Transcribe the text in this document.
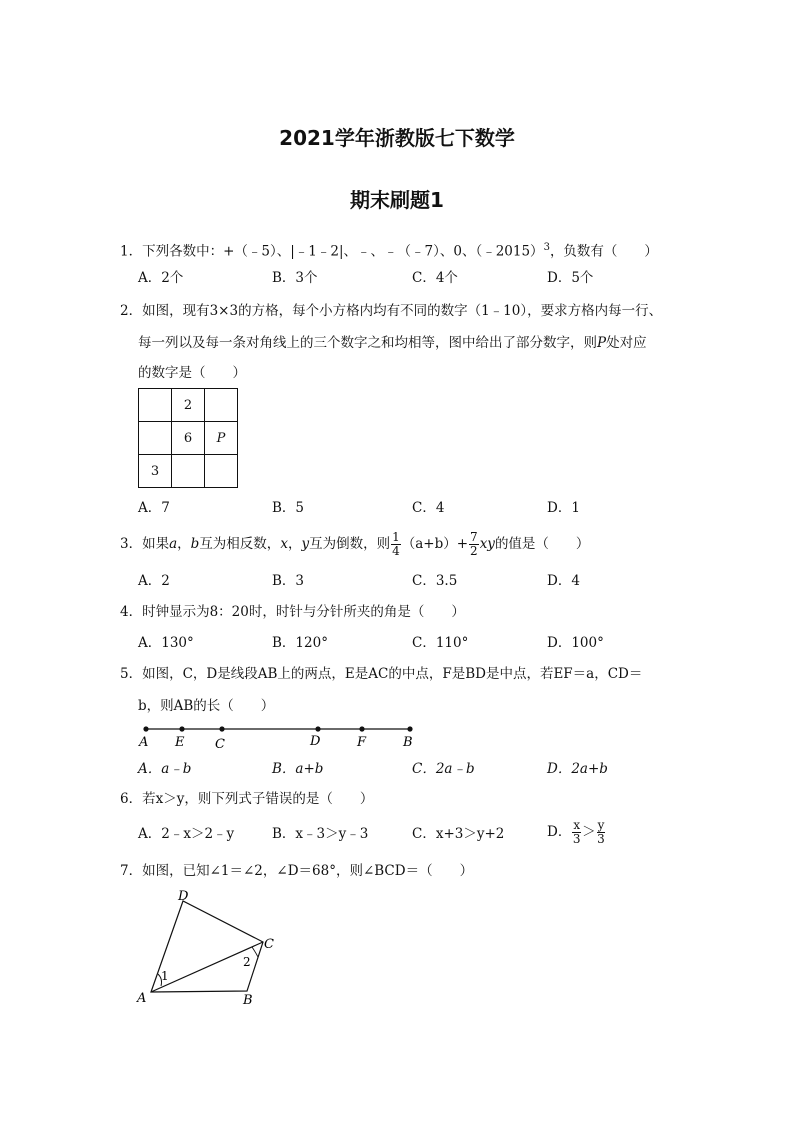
2021学年浙教版七下数学
期末刷题1
1．下列各数中：+（﹣5）、|﹣1﹣2|、﹣、﹣（﹣7）、0、（﹣2015）$^3$，负数有（　　）
A．2个	B．3个	C．4个	D．5个
2．如图，现有3×3的方格，每个小方格内均有不同的数字（1﹣10），要求方格内每一行、
每一列以及每一条对角线上的三个数字之和均相等，图中给出了部分数字，则P处对应
的数字是（　　）
	2	
	6	P
3		
A．7	B．5	C．4	D．1
3．如果a，b互为相反数，x，y互为倒数，则 $\frac{1}{4} (a+b)+ \frac{7}{2}$ xy的值是（　　）
A．2	B．3	C．3.5	D．4
4．时钟显示为8：20时，时针与分针所夹的角是（　　）
A．130°	B．120°	C．110°	D．100°
5．如图，C，D是线段AB上的两点，E是AC的中点，F是BD是中点，若EF＝a，CD＝
b，则AB的长（　　）
A E C	D	F	B
A．a﹣b	B．a+b	C．2a﹣b	D．2a+b
6．若x＞y，则下列式子错误的是（　　）
A．2﹣x＞2﹣y	B．x﹣3＞y﹣3	C．x+3＞y+2	D． $\frac{x}{3} > \frac{y}{3}$
7．如图，已知∠1＝∠2，∠D＝68°，则∠BCD＝（　　）
D
C
A	B
1
2
